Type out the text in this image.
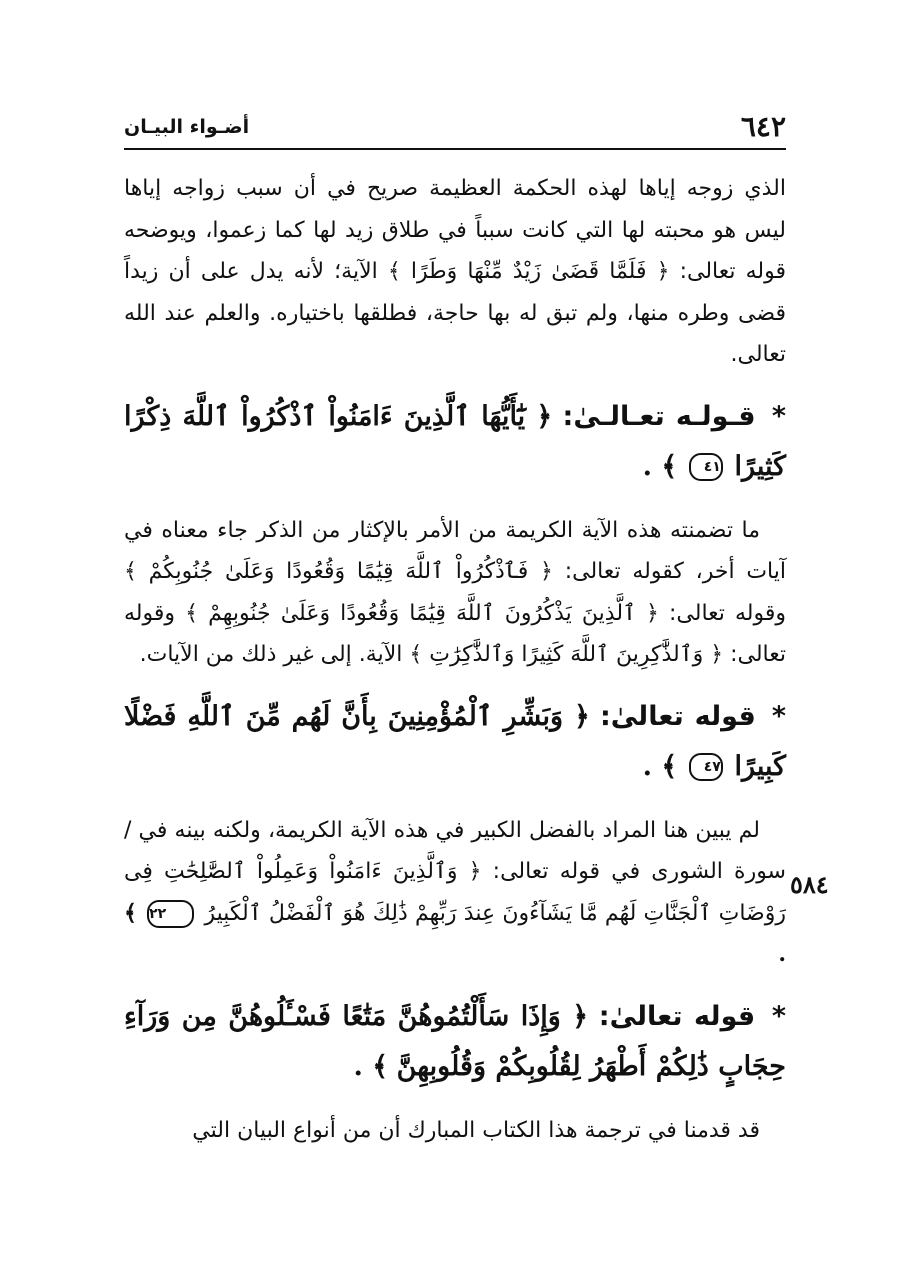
٦٤٢
أضـواء البيـان
٥٨٤

الذي زوجه إياها لهذه الحكمة العظيمة صريح في أن سبب زواجه إياها ليس هو محبته لها التي كانت سبباً في طلاق زيد لها كما زعموا، ويوضحه قوله تعالى: ﴿ فَلَمَّا قَضَىٰ زَيْدٌ مِّنْهَا وَطَرًا ﴾ الآية؛ لأنه يدل على أن زيداً قضى وطره منها، ولم تبق له بها حاجة، فطلقها باختياره. والعلم عند الله تعالى.

* قـولـه تعـالـىٰ: ﴿ يَٰٓأَيُّهَا ٱلَّذِينَ ءَامَنُواْ ٱذْكُرُواْ ٱللَّهَ ذِكْرًا كَثِيرًا ٤١ ﴾ .

ما تضمنته هذه الآية الكريمة من الأمر بالإكثار من الذكر جاء معناه في آيات أخر، كقوله تعالى: ﴿ فَٱذْكُرُواْ ٱللَّهَ قِيَٰمًا وَقُعُودًا وَعَلَىٰ جُنُوبِكُمْ ﴾ وقوله تعالى: ﴿ ٱلَّذِينَ يَذْكُرُونَ ٱللَّهَ قِيَٰمًا وَقُعُودًا وَعَلَىٰ جُنُوبِهِمْ ﴾ وقوله تعالى: ﴿ وَٱلذَّٰكِرِينَ ٱللَّهَ كَثِيرًا وَٱلذَّٰكِرَٰتِ ﴾ الآية. إلى غير ذلك من الآيات.

* قوله تعالىٰ: ﴿ وَبَشِّرِ ٱلْمُؤْمِنِينَ بِأَنَّ لَهُم مِّنَ ٱللَّهِ فَضْلًا كَبِيرًا ٤٧ ﴾ .

لم يبين هنا المراد بالفضل الكبير في هذه الآية الكريمة، ولكنه بينه في / سورة الشورى في قوله تعالى: ﴿ وَٱلَّذِينَ ءَامَنُواْ وَعَمِلُواْ ٱلصَّٰلِحَٰتِ فِى رَوْضَاتِ ٱلْجَنَّاتِ لَهُم مَّا يَشَآءُونَ عِندَ رَبِّهِمْ ذَٰلِكَ هُوَ ٱلْفَضْلُ ٱلْكَبِيرُ ٢٢ ﴾ .

* قوله تعالىٰ: ﴿ وَإِذَا سَأَلْتُمُوهُنَّ مَتَٰعًا فَسْـَٔلُوهُنَّ مِن وَرَآءِ حِجَابٍ ذَٰلِكُمْ أَطْهَرُ لِقُلُوبِكُمْ وَقُلُوبِهِنَّ ﴾ .

قد قدمنا في ترجمة هذا الكتاب المبارك أن من أنواع البيان التي
